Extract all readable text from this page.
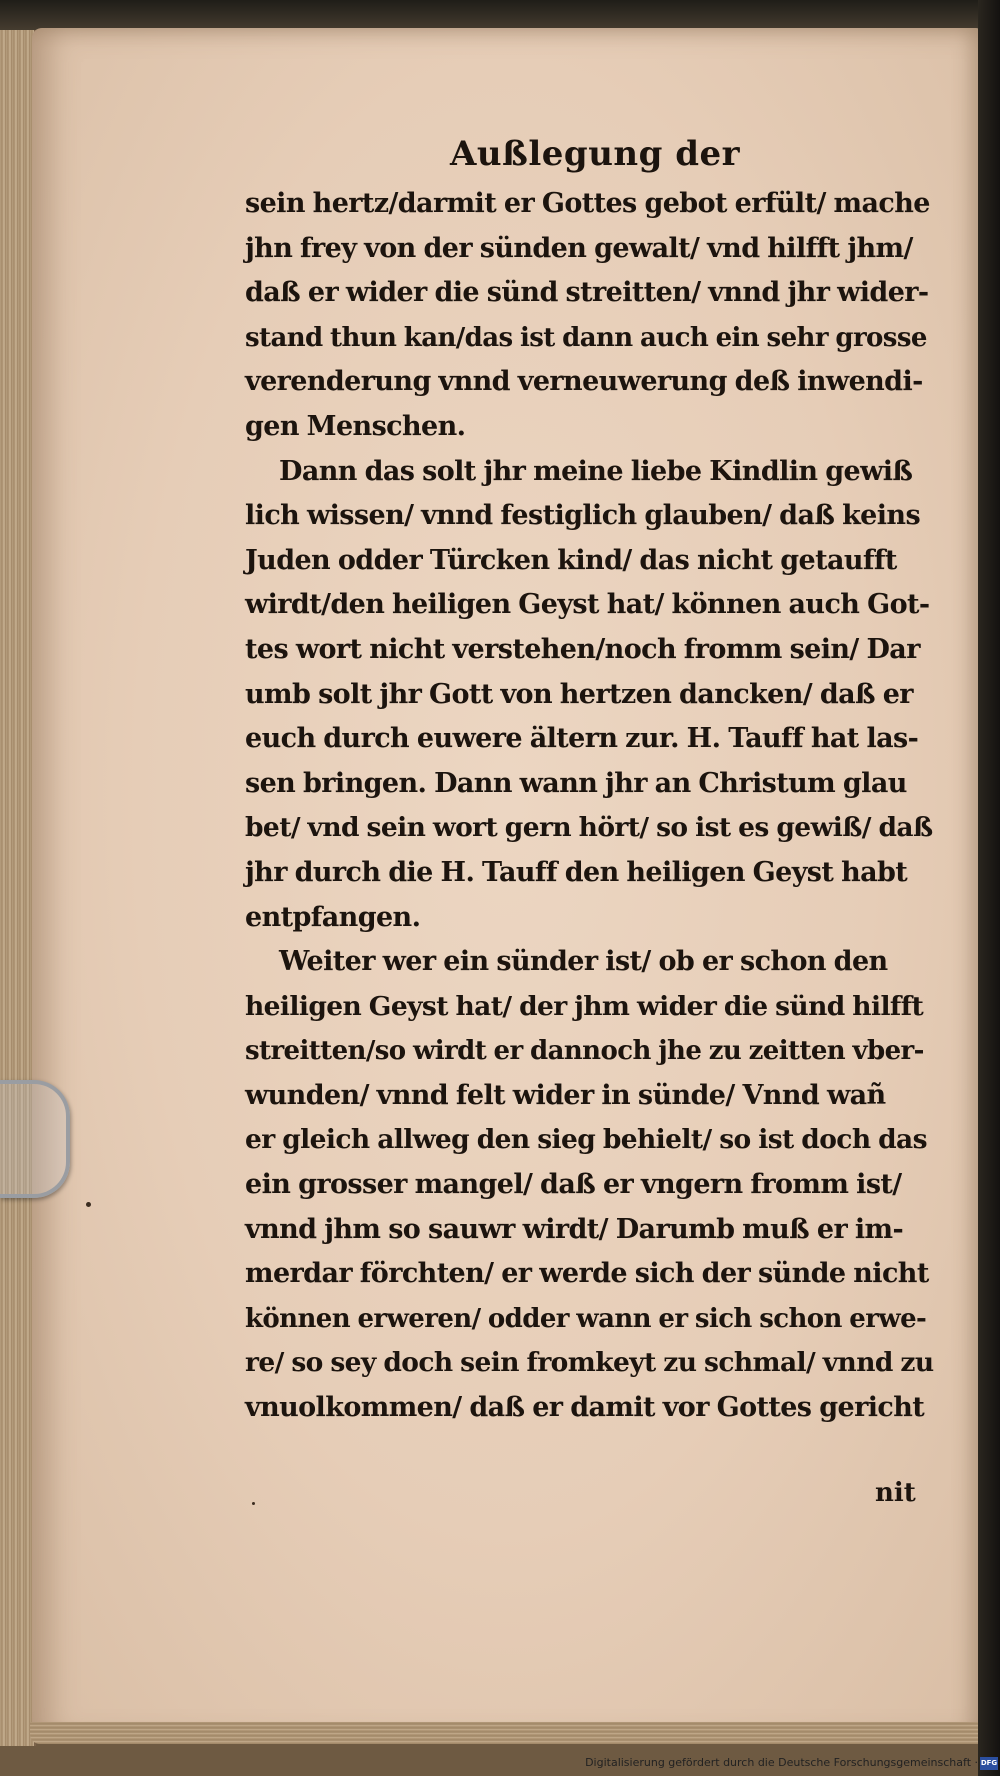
Außlegung der
sein hertz/darmit er Gottes gebot erfült/ mache
jhn frey von der sünden gewalt/ vnd hilfft jhm/
daß er wider die sünd streitten/ vnnd jhr wider-
stand thun kan/das ist dann auch ein sehr grosse
verenderung vnnd verneuwerung deß inwendi-
gen Menschen.
Dann das solt jhr meine liebe Kindlin gewiß
lich wissen/ vnnd festiglich glauben/ daß keins
Juden odder Türcken kind/ das nicht getaufft
wirdt/den heiligen Geyst hat/ können auch Got-
tes wort nicht verstehen/noch fromm sein/ Dar
umb solt jhr Gott von hertzen dancken/ daß er
euch durch euwere ältern zur. H. Tauff hat las-
sen bringen. Dann wann jhr an Christum glau
bet/ vnd sein wort gern hört/ so ist es gewiß/ daß
jhr durch die H. Tauff den heiligen Geyst habt
entpfangen.
Weiter wer ein sünder ist/ ob er schon den
heiligen Geyst hat/ der jhm wider die sünd hilfft
streitten/so wirdt er dannoch jhe zu zeitten vber-
wunden/ vnnd felt wider in sünde/ Vnnd wañ
er gleich allweg den sieg behielt/ so ist doch das
ein grosser mangel/ daß er vngern fromm ist/
vnnd jhm so sauwr wirdt/ Darumb muß er im-
merdar förchten/ er werde sich der sünde nicht
können erweren/ odder wann er sich schon erwe-
re/ so sey doch sein fromkeyt zu schmal/ vnnd zu
vnuolkommen/ daß er damit vor Gottes gericht
nit
Digitalisierung gefördert durch die Deutsche Forschungsgemeinschaft · DFG
